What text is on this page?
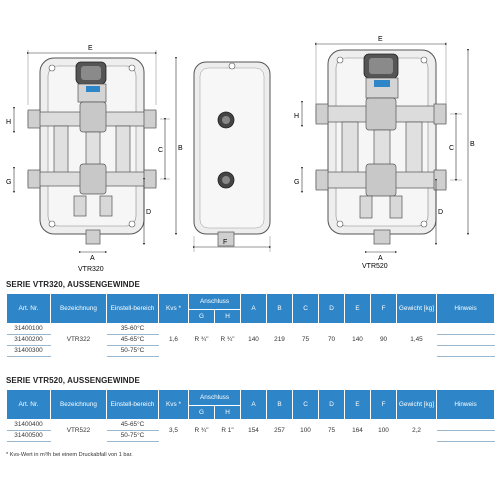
E
H
G
C B
D
A
VTR320
F
E
H
G
C
B
D
A
VTR520
SERIE VTR320, AUSSENGEWINDE
Art. Nr.	Bezeichnung	Einstell-bereich	Kvs *	Anschluss		A	B	C	D	E	F	Gewicht [kg]	Hinweis
				G	H								
31400100	VTR322	35-60°C	1,6	R ¾"	R ¾"	140	219	75	70	140	90	1,45	
31400200		45-65°C											
31400300		50-75°C											
SERIE VTR520, AUSSENGEWINDE
Art. Nr.	Bezeichnung	Einstell-bereich	Kvs *	Anschluss		A	B	C	D	E	F	Gewicht [kg]	Hinweis
				G	H								
31400400	VTR522	45-65°C	3,5	R ¾"	R 1"	154	257	100	75	164	100	2,2	
31400500		50-75°C											
* Kvs-Wert in m³/h bei einem Druckabfall von 1 bar.
